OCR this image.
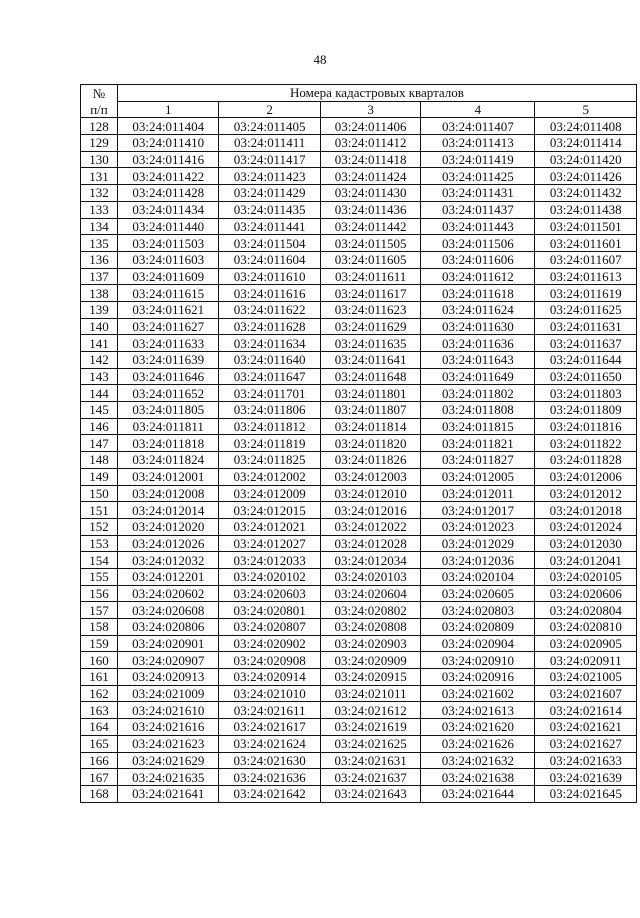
48
№	Номера кадастровых кварталов				
п/п	1	2	3	4	5
128	03:24:011404	03:24:011405	03:24:011406	03:24:011407	03:24:011408
129	03:24:011410	03:24:011411	03:24:011412	03:24:011413	03:24:011414
130	03:24:011416	03:24:011417	03:24:011418	03:24:011419	03:24:011420
131	03:24:011422	03:24:011423	03:24:011424	03:24:011425	03:24:011426
132	03:24:011428	03:24:011429	03:24:011430	03:24:011431	03:24:011432
133	03:24:011434	03:24:011435	03:24:011436	03:24:011437	03:24:011438
134	03:24:011440	03:24:011441	03:24:011442	03:24:011443	03:24:011501
135	03:24:011503	03:24:011504	03:24:011505	03:24:011506	03:24:011601
136	03:24:011603	03:24:011604	03:24:011605	03:24:011606	03:24:011607
137	03:24:011609	03:24:011610	03:24:011611	03:24:011612	03:24:011613
138	03:24:011615	03:24:011616	03:24:011617	03:24:011618	03:24:011619
139	03:24:011621	03:24:011622	03:24:011623	03:24:011624	03:24:011625
140	03:24:011627	03:24:011628	03:24:011629	03:24:011630	03:24:011631
141	03:24:011633	03:24:011634	03:24:011635	03:24:011636	03:24:011637
142	03:24:011639	03:24:011640	03:24:011641	03:24:011643	03:24:011644
143	03:24:011646	03:24:011647	03:24:011648	03:24:011649	03:24:011650
144	03:24:011652	03:24:011701	03:24:011801	03:24:011802	03:24:011803
145	03:24:011805	03:24:011806	03:24:011807	03:24:011808	03:24:011809
146	03:24:011811	03:24:011812	03:24:011814	03:24:011815	03:24:011816
147	03:24:011818	03:24:011819	03:24:011820	03:24:011821	03:24:011822
148	03:24:011824	03:24:011825	03:24:011826	03:24:011827	03:24:011828
149	03:24:012001	03:24:012002	03:24:012003	03:24:012005	03:24:012006
150	03:24:012008	03:24:012009	03:24:012010	03:24:012011	03:24:012012
151	03:24:012014	03:24:012015	03:24:012016	03:24:012017	03:24:012018
152	03:24:012020	03:24:012021	03:24:012022	03:24:012023	03:24:012024
153	03:24:012026	03:24:012027	03:24:012028	03:24:012029	03:24:012030
154	03:24:012032	03:24:012033	03:24:012034	03:24:012036	03:24:012041
155	03:24:012201	03:24:020102	03:24:020103	03:24:020104	03:24:020105
156	03:24:020602	03:24:020603	03:24:020604	03:24:020605	03:24:020606
157	03:24:020608	03:24:020801	03:24:020802	03:24:020803	03:24:020804
158	03:24:020806	03:24:020807	03:24:020808	03:24:020809	03:24:020810
159	03:24:020901	03:24:020902	03:24:020903	03:24:020904	03:24:020905
160	03:24:020907	03:24:020908	03:24:020909	03:24:020910	03:24:020911
161	03:24:020913	03:24:020914	03:24:020915	03:24:020916	03:24:021005
162	03:24:021009	03:24:021010	03:24:021011	03:24:021602	03:24:021607
163	03:24:021610	03:24:021611	03:24:021612	03:24:021613	03:24:021614
164	03:24:021616	03:24:021617	03:24:021619	03:24:021620	03:24:021621
165	03:24:021623	03:24:021624	03:24:021625	03:24:021626	03:24:021627
166	03:24:021629	03:24:021630	03:24:021631	03:24:021632	03:24:021633
167	03:24:021635	03:24:021636	03:24:021637	03:24:021638	03:24:021639
168	03:24:021641	03:24:021642	03:24:021643	03:24:021644	03:24:021645
